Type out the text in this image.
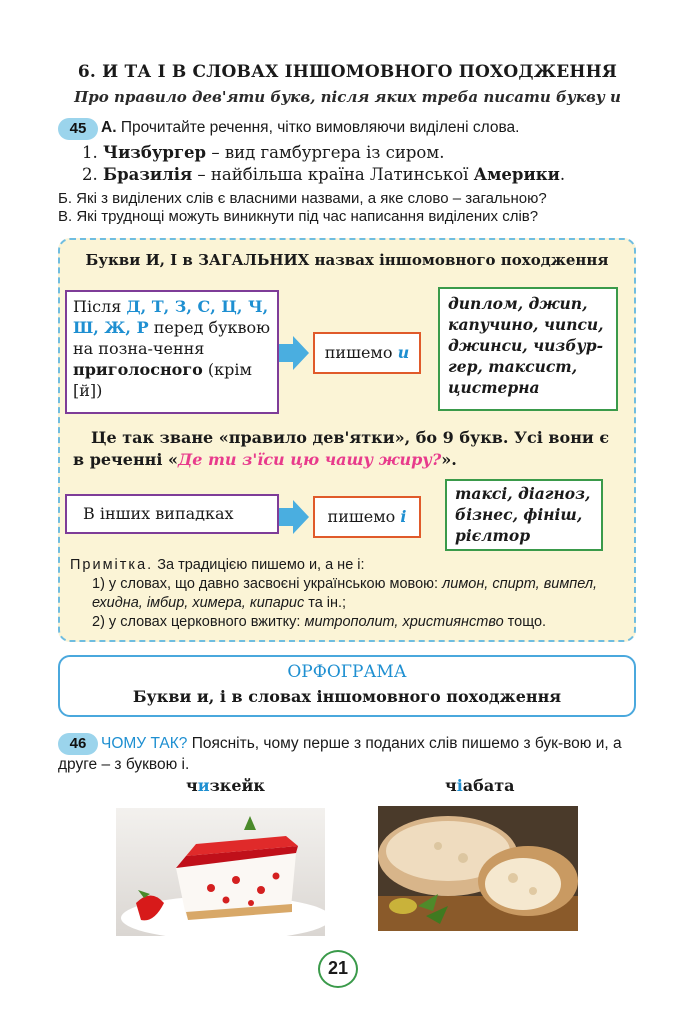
6. И ТА І В СЛОВАХ ІНШОМОВНОГО ПОХОДЖЕННЯ
Про правило дев'яти букв, після яких треба писати букву и
45 А. Прочитайте речення, чітко вимовляючи виділені слова.
1. Чизбургер – вид гамбургера із сиром.
2. Бразилія – найбільша країна Латинської Америки.
Б. Які з виділених слів є власними назвами, а яке слово – загальною?
В. Які труднощі можуть виникнути під час написання виділених слів?
Букви И, І в ЗАГАЛЬНИХ назвах іншомовного походження
Після Д, Т, З, С, Ц, Ч, Ш, Ж, Р перед буквою на позна-чення приголосного (крім [й])
пишемо и
диплом, джип, капучино, чипси, джинси, чизбур-гер, таксист, цистерна
Це так зване «правило дев'ятки», бо 9 букв. Усі вони є в реченні «Де ти з'їси цю чашу жиру?».
В інших випадках	пишемо і
таксі, діагноз, бізнес, фініш, рієлтор
Примітка. За традицією пишемо и, а не і:
1) у словах, що давно засвоєні українською мовою: лимон, спирт, вимпел, ехидна, імбир, химера, кипарис та ін.;
2) у словах церковного вжитку: митрополит, християнство тощо.
ОРФОГРАМА
Букви и, і в словах іншомовного походження
ЧОМУ ТАК? Поясніть, чому перше з поданих слів пишемо з бук-вою и, а друге – з буквою і.
46
чизкейк	чіабата
21
